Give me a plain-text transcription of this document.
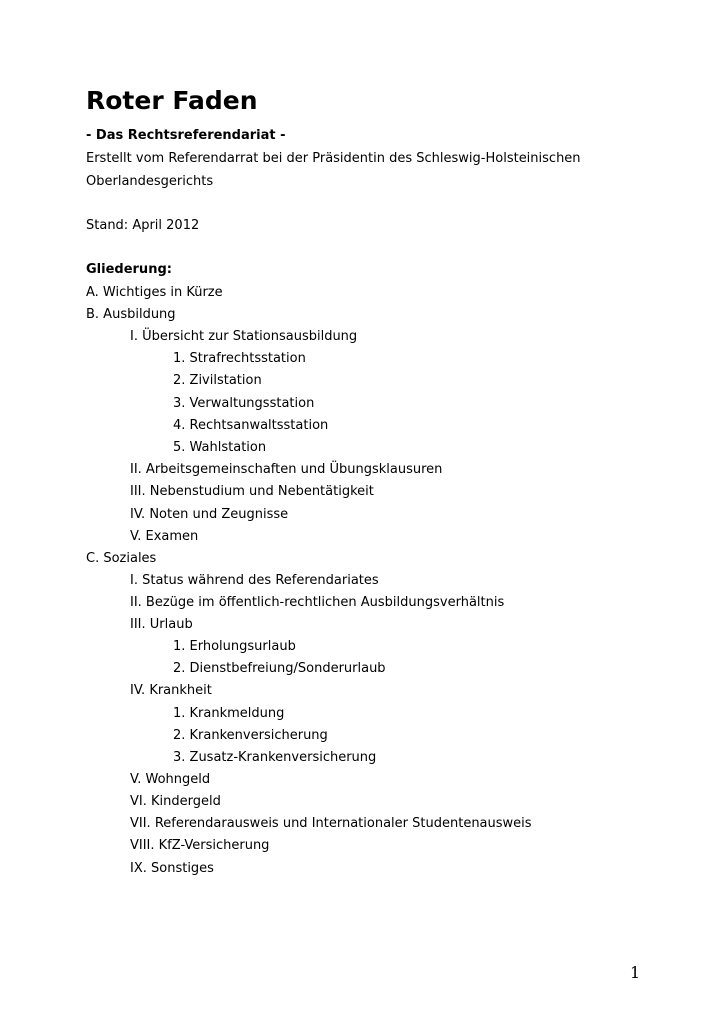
Roter Faden
- Das Rechtsreferendariat -
Erstellt vom Referendarrat bei der Präsidentin des Schleswig-Holsteinischen
Oberlandesgerichts
Stand: April 2012
Gliederung:
A. Wichtiges in Kürze
B. Ausbildung
I. Übersicht zur Stationsausbildung
1. Strafrechtsstation
2. Zivilstation
3. Verwaltungsstation
4. Rechtsanwaltsstation
5. Wahlstation
II. Arbeitsgemeinschaften und Übungsklausuren
III. Nebenstudium und Nebentätigkeit
IV. Noten und Zeugnisse
V. Examen
C. Soziales
I. Status während des Referendariates
II. Bezüge im öffentlich-rechtlichen Ausbildungsverhältnis
III. Urlaub
1. Erholungsurlaub
2. Dienstbefreiung/Sonderurlaub
IV. Krankheit
1. Krankmeldung
2. Krankenversicherung
3. Zusatz-Krankenversicherung
V. Wohngeld
VI. Kindergeld
VII. Referendarausweis und Internationaler Studentenausweis
VIII. KfZ-Versicherung
IX. Sonstiges
1
